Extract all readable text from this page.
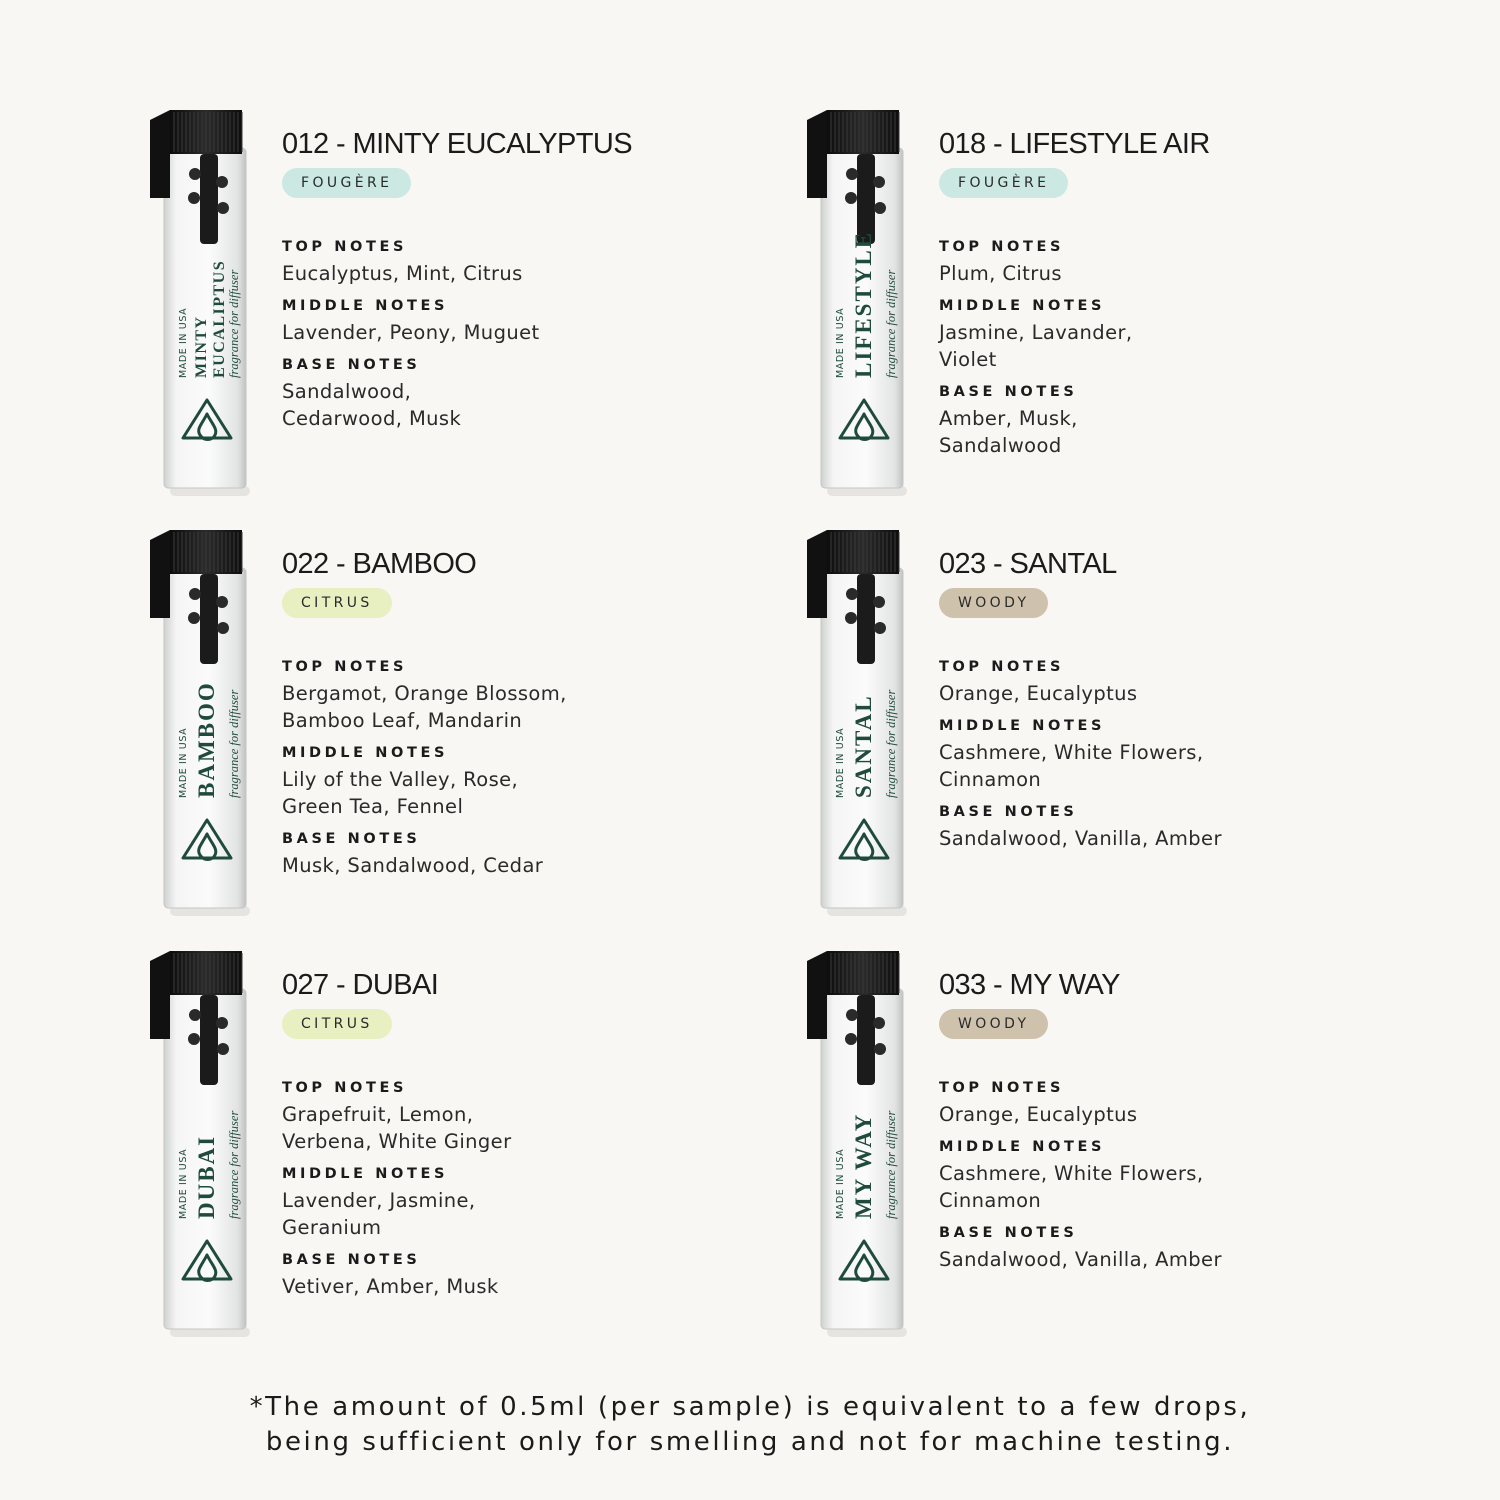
MADE IN USA MINTY EUCALIPTUS fragrance for diffuser
012 - MINTY EUCALYPTUS
FOUGÈRE
TOP NOTES
Eucalyptus, Mint, Citrus
MIDDLE NOTES
Lavender, Peony, Muguet
BASE NOTES
Sandalwood,
Cedarwood, Musk
MADE IN USA LIFESTYLE fragrance for diffuser
018 - LIFESTYLE AIR
FOUGÈRE
TOP NOTES
Plum, Citrus
MIDDLE NOTES
Jasmine, Lavander,
Violet
BASE NOTES
Amber, Musk,
Sandalwood
MADE IN USA BAMBOO fragrance for diffuser
022 - BAMBOO
CITRUS
TOP NOTES
Bergamot, Orange Blossom,
Bamboo Leaf, Mandarin
MIDDLE NOTES
Lily of the Valley, Rose,
Green Tea, Fennel
BASE NOTES
Musk, Sandalwood, Cedar
MADE IN USA SANTAL fragrance for diffuser
023 - SANTAL
WOODY
TOP NOTES
Orange, Eucalyptus
MIDDLE NOTES
Cashmere, White Flowers,
Cinnamon
BASE NOTES
Sandalwood, Vanilla, Amber
MADE IN USA DUBAI fragrance for diffuser
027 - DUBAI
CITRUS
TOP NOTES
Grapefruit, Lemon,
Verbena, White Ginger
MIDDLE NOTES
Lavender, Jasmine,
Geranium
BASE NOTES
Vetiver, Amber, Musk
MADE IN USA MY WAY fragrance for diffuser
033 - MY WAY
WOODY
TOP NOTES
Orange, Eucalyptus
MIDDLE NOTES
Cashmere, White Flowers,
Cinnamon
BASE NOTES
Sandalwood, Vanilla, Amber
*The amount of 0.5ml (per sample) is equivalent to a few drops,
being sufficient only for smelling and not for machine testing.
